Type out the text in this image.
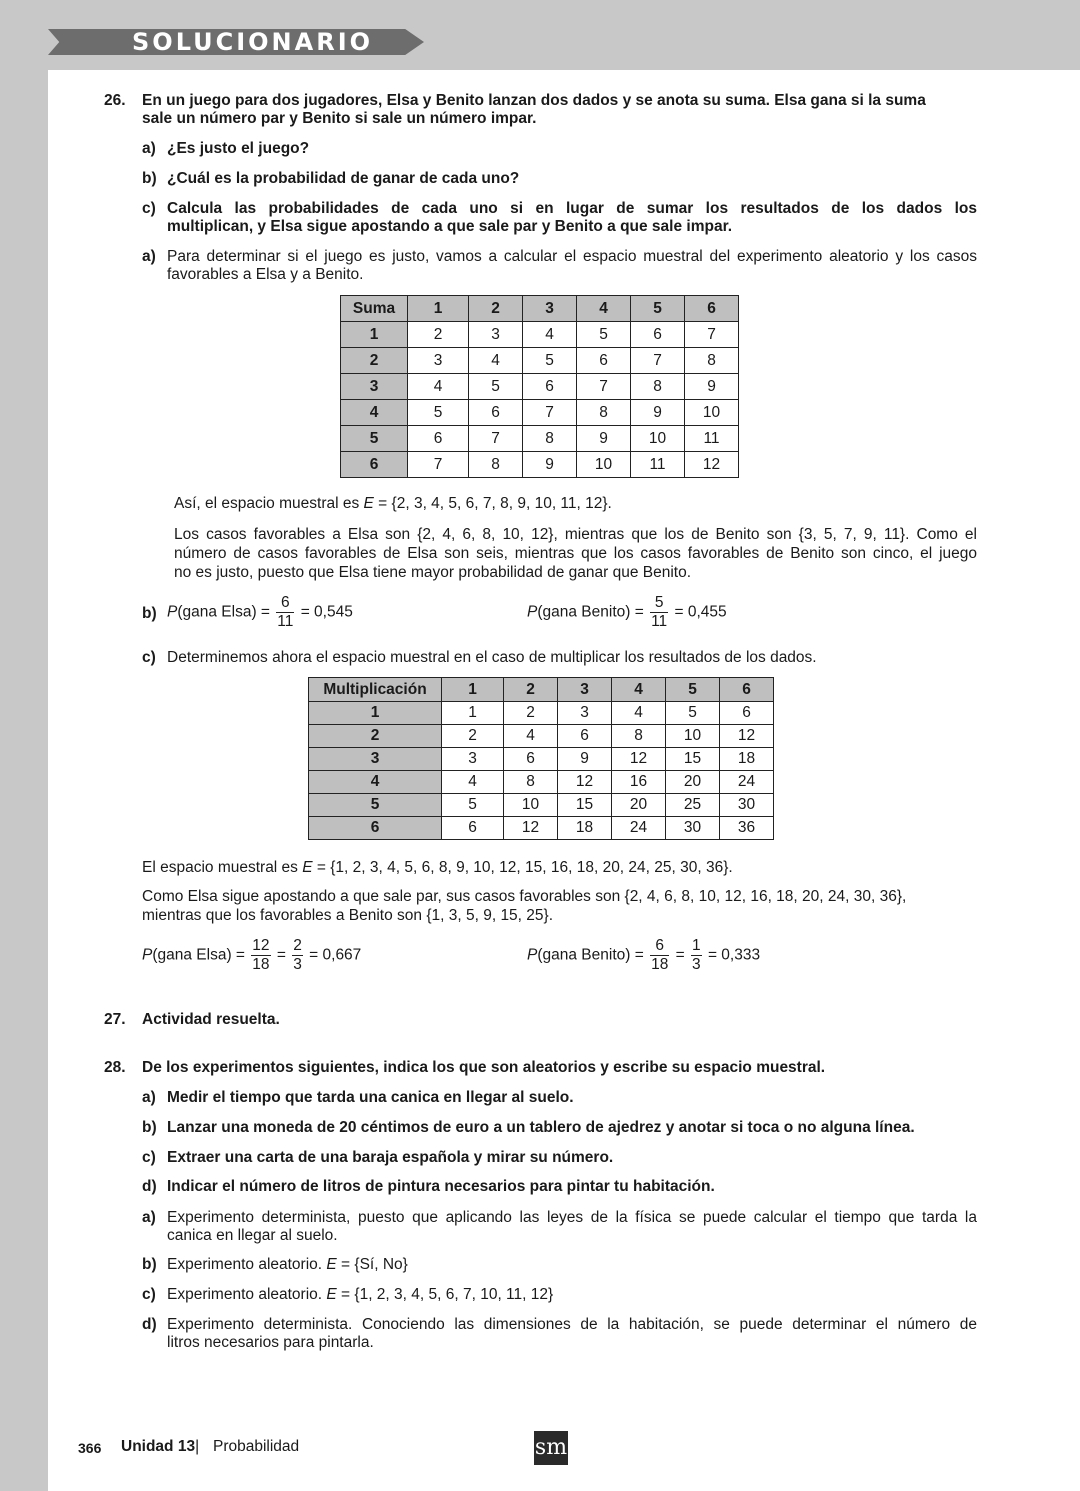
SOLUCIONARIO
26. En un juego para dos jugadores, Elsa y Benito lanzan dos dados y se anota su suma. Elsa gana si la suma
sale un número par y Benito si sale un número impar.
a) ¿Es justo el juego?
b) ¿Cuál es la probabilidad de ganar de cada uno?
c) Calcula las probabilidades de cada uno si en lugar de sumar los resultados de los dados los
multiplican, y Elsa sigue apostando a que sale par y Benito a que sale impar.
a) Para determinar si el juego es justo, vamos a calcular el espacio muestral del experimento aleatorio y los casos
favorables a Elsa y a Benito.
Suma	1	2	3	4	5	6
1	2	3	4	5	6	7
2	3	4	5	6	7	8
3	4	5	6	7	8	9
4	5	6	7	8	9	10
5	6	7	8	9	10	11
6	7	8	9	10	11	12
Así, el espacio muestral es E = {2, 3, 4, 5, 6, 7, 8, 9, 10, 11, 12}.
Los casos favorables a Elsa son {2, 4, 6, 8, 10, 12}, mientras que los de Benito son {3, 5, 7, 9, 11}. Como el
número de casos favorables de Elsa son seis, mientras que los casos favorables de Benito son cinco, el juego
no es justo, puesto que Elsa tiene mayor probabilidad de ganar que Benito.
b) P(gana Elsa) = $\frac{6}{11} = 0,545$	P(gana Benito) = $\frac{5}{11} = 0,455$
c) Determinemos ahora el espacio muestral en el caso de multiplicar los resultados de los dados.
Multiplicación	1	2	3	4	5	6
1	1	2	3	4	5	6
2	2	4	6	8	10	12
3	3	6	9	12	15	18
4	4	8	12	16	20	24
5	5	10	15	20	25	30
6	6	12	18	24	30	36
El espacio muestral es E = {1, 2, 3, 4, 5, 6, 8, 9, 10, 12, 15, 16, 18, 20, 24, 25, 30, 36}.
Como Elsa sigue apostando a que sale par, sus casos favorables son {2, 4, 6, 8, 10, 12, 16, 18, 20, 24, 30, 36},
mientras que los favorables a Benito son {1, 3, 5, 9, 15, 25}.
P(gana Elsa) = $\frac{12}{18} = \frac{2}{3} = 0,667$	P(gana Benito) = $\frac{6}{18} = \frac{1}{3} = 0,333$
27. Actividad resuelta.
28. De los experimentos siguientes, indica los que son aleatorios y escribe su espacio muestral.
a) Medir el tiempo que tarda una canica en llegar al suelo.
b) Lanzar una moneda de 20 céntimos de euro a un tablero de ajedrez y anotar si toca o no alguna línea.
c) Extraer una carta de una baraja española y mirar su número.
d) Indicar el número de litros de pintura necesarios para pintar tu habitación.
a) Experimento determinista, puesto que aplicando las leyes de la física se puede calcular el tiempo que tarda la
canica en llegar al suelo.
b) Experimento aleatorio. E = {Sí, No}
c) Experimento aleatorio. E = {1, 2, 3, 4, 5, 6, 7, 10, 11, 12}
d) Experimento determinista. Conociendo las dimensiones de la habitación, se puede determinar el número de
litros necesarios para pintarla.
366 Unidad 13| Probabilidad	sm
